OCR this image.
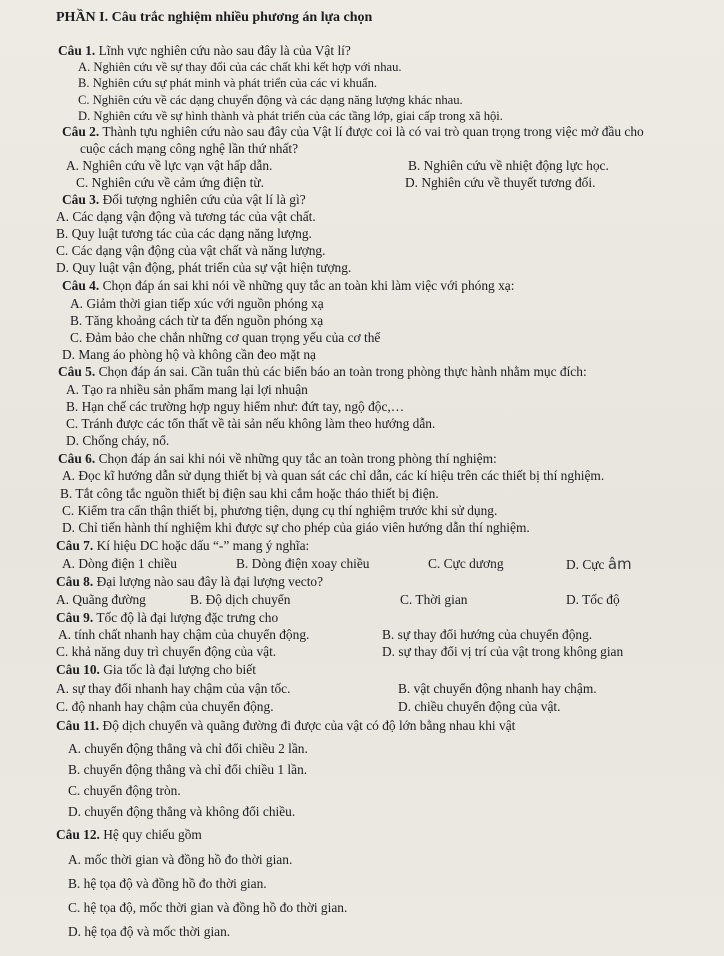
PHẦN I. Câu trắc nghiệm nhiều phương án lựa chọn
Câu 1. Lĩnh vực nghiên cứu nào sau đây là của Vật lí?
A. Nghiên cứu về sự thay đổi của các chất khi kết hợp với nhau.
B. Nghiên cứu sự phát minh và phát triển của các vi khuẩn.
C. Nghiên cứu về các dạng chuyển động và các dạng năng lượng khác nhau.
D. Nghiên cứu về sự hình thành và phát triển của các tầng lớp, giai cấp trong xã hội.
Câu 2. Thành tựu nghiên cứu nào sau đây của Vật lí được coi là có vai trò quan trọng trong việc mở đầu cho
cuộc cách mạng công nghệ lần thứ nhất?
A. Nghiên cứu về lực vạn vật hấp dẫn.	B. Nghiên cứu về nhiệt động lực học.
C. Nghiên cứu về cảm ứng điện từ.	D. Nghiên cứu về thuyết tương đối.
Câu 3. Đối tượng nghiên cứu của vật lí là gì?
A. Các dạng vận động và tương tác của vật chất.
B. Quy luật tương tác của các dạng năng lượng.
C. Các dạng vận động của vật chất và năng lượng.
D. Quy luật vận động, phát triển của sự vật hiện tượng.
Câu 4. Chọn đáp án sai khi nói về những quy tắc an toàn khi làm việc với phóng xạ:
A. Giảm thời gian tiếp xúc với nguồn phóng xạ
B. Tăng khoảng cách từ ta đến nguồn phóng xạ
C. Đảm bảo che chắn những cơ quan trọng yếu của cơ thể
D. Mang áo phòng hộ và không cần đeo mặt nạ
Câu 5. Chọn đáp án sai. Cần tuân thủ các biển báo an toàn trong phòng thực hành nhằm mục đích:
A. Tạo ra nhiều sản phẩm mang lại lợi nhuận
B. Hạn chế các trường hợp nguy hiểm như: đứt tay, ngộ độc,…
C. Tránh được các tổn thất về tài sản nếu không làm theo hướng dẫn.
D. Chống cháy, nổ.
Câu 6. Chọn đáp án sai khi nói về những quy tắc an toàn trong phòng thí nghiệm:
A. Đọc kĩ hướng dẫn sử dụng thiết bị và quan sát các chỉ dẫn, các kí hiệu trên các thiết bị thí nghiệm.
B. Tắt công tắc nguồn thiết bị điện sau khi cắm hoặc tháo thiết bị điện.
C. Kiểm tra cẩn thận thiết bị, phương tiện, dụng cụ thí nghiệm trước khi sử dụng.
D. Chỉ tiến hành thí nghiệm khi được sự cho phép của giáo viên hướng dẫn thí nghiệm.
Câu 7. Kí hiệu DC hoặc dấu “-” mang ý nghĩa:
A. Dòng điện 1 chiều	B. Dòng điện xoay chiều	C. Cực dương	D. Cực âm
Câu 8. Đại lượng nào sau đây là đại lượng vecto?
A. Quãng đường	B. Độ dịch chuyển	C. Thời gian	D. Tốc độ
Câu 9. Tốc độ là đại lượng đặc trưng cho
A. tính chất nhanh hay chậm của chuyển động.	B. sự thay đổi hướng của chuyển động.
C. khả năng duy trì chuyển động của vật.	D. sự thay đổi vị trí của vật trong không gian
Câu 10. Gia tốc là đại lượng cho biết
A. sự thay đổi nhanh hay chậm của vận tốc.	B. vật chuyển động nhanh hay chậm.
C. độ nhanh hay chậm của chuyển động.	D. chiều chuyển động của vật.
Câu 11. Độ dịch chuyển và quãng đường đi được của vật có độ lớn bằng nhau khi vật
A. chuyển động thẳng và chỉ đổi chiều 2 lần.
B. chuyển động thẳng và chỉ đổi chiều 1 lần.
C. chuyển động tròn.
D. chuyển động thẳng và không đổi chiều.
Câu 12. Hệ quy chiếu gồm
A. mốc thời gian và đồng hồ đo thời gian.
B. hệ tọa độ và đồng hồ đo thời gian.
C. hệ tọa độ, mốc thời gian và đồng hồ đo thời gian.
D. hệ tọa độ và mốc thời gian.
